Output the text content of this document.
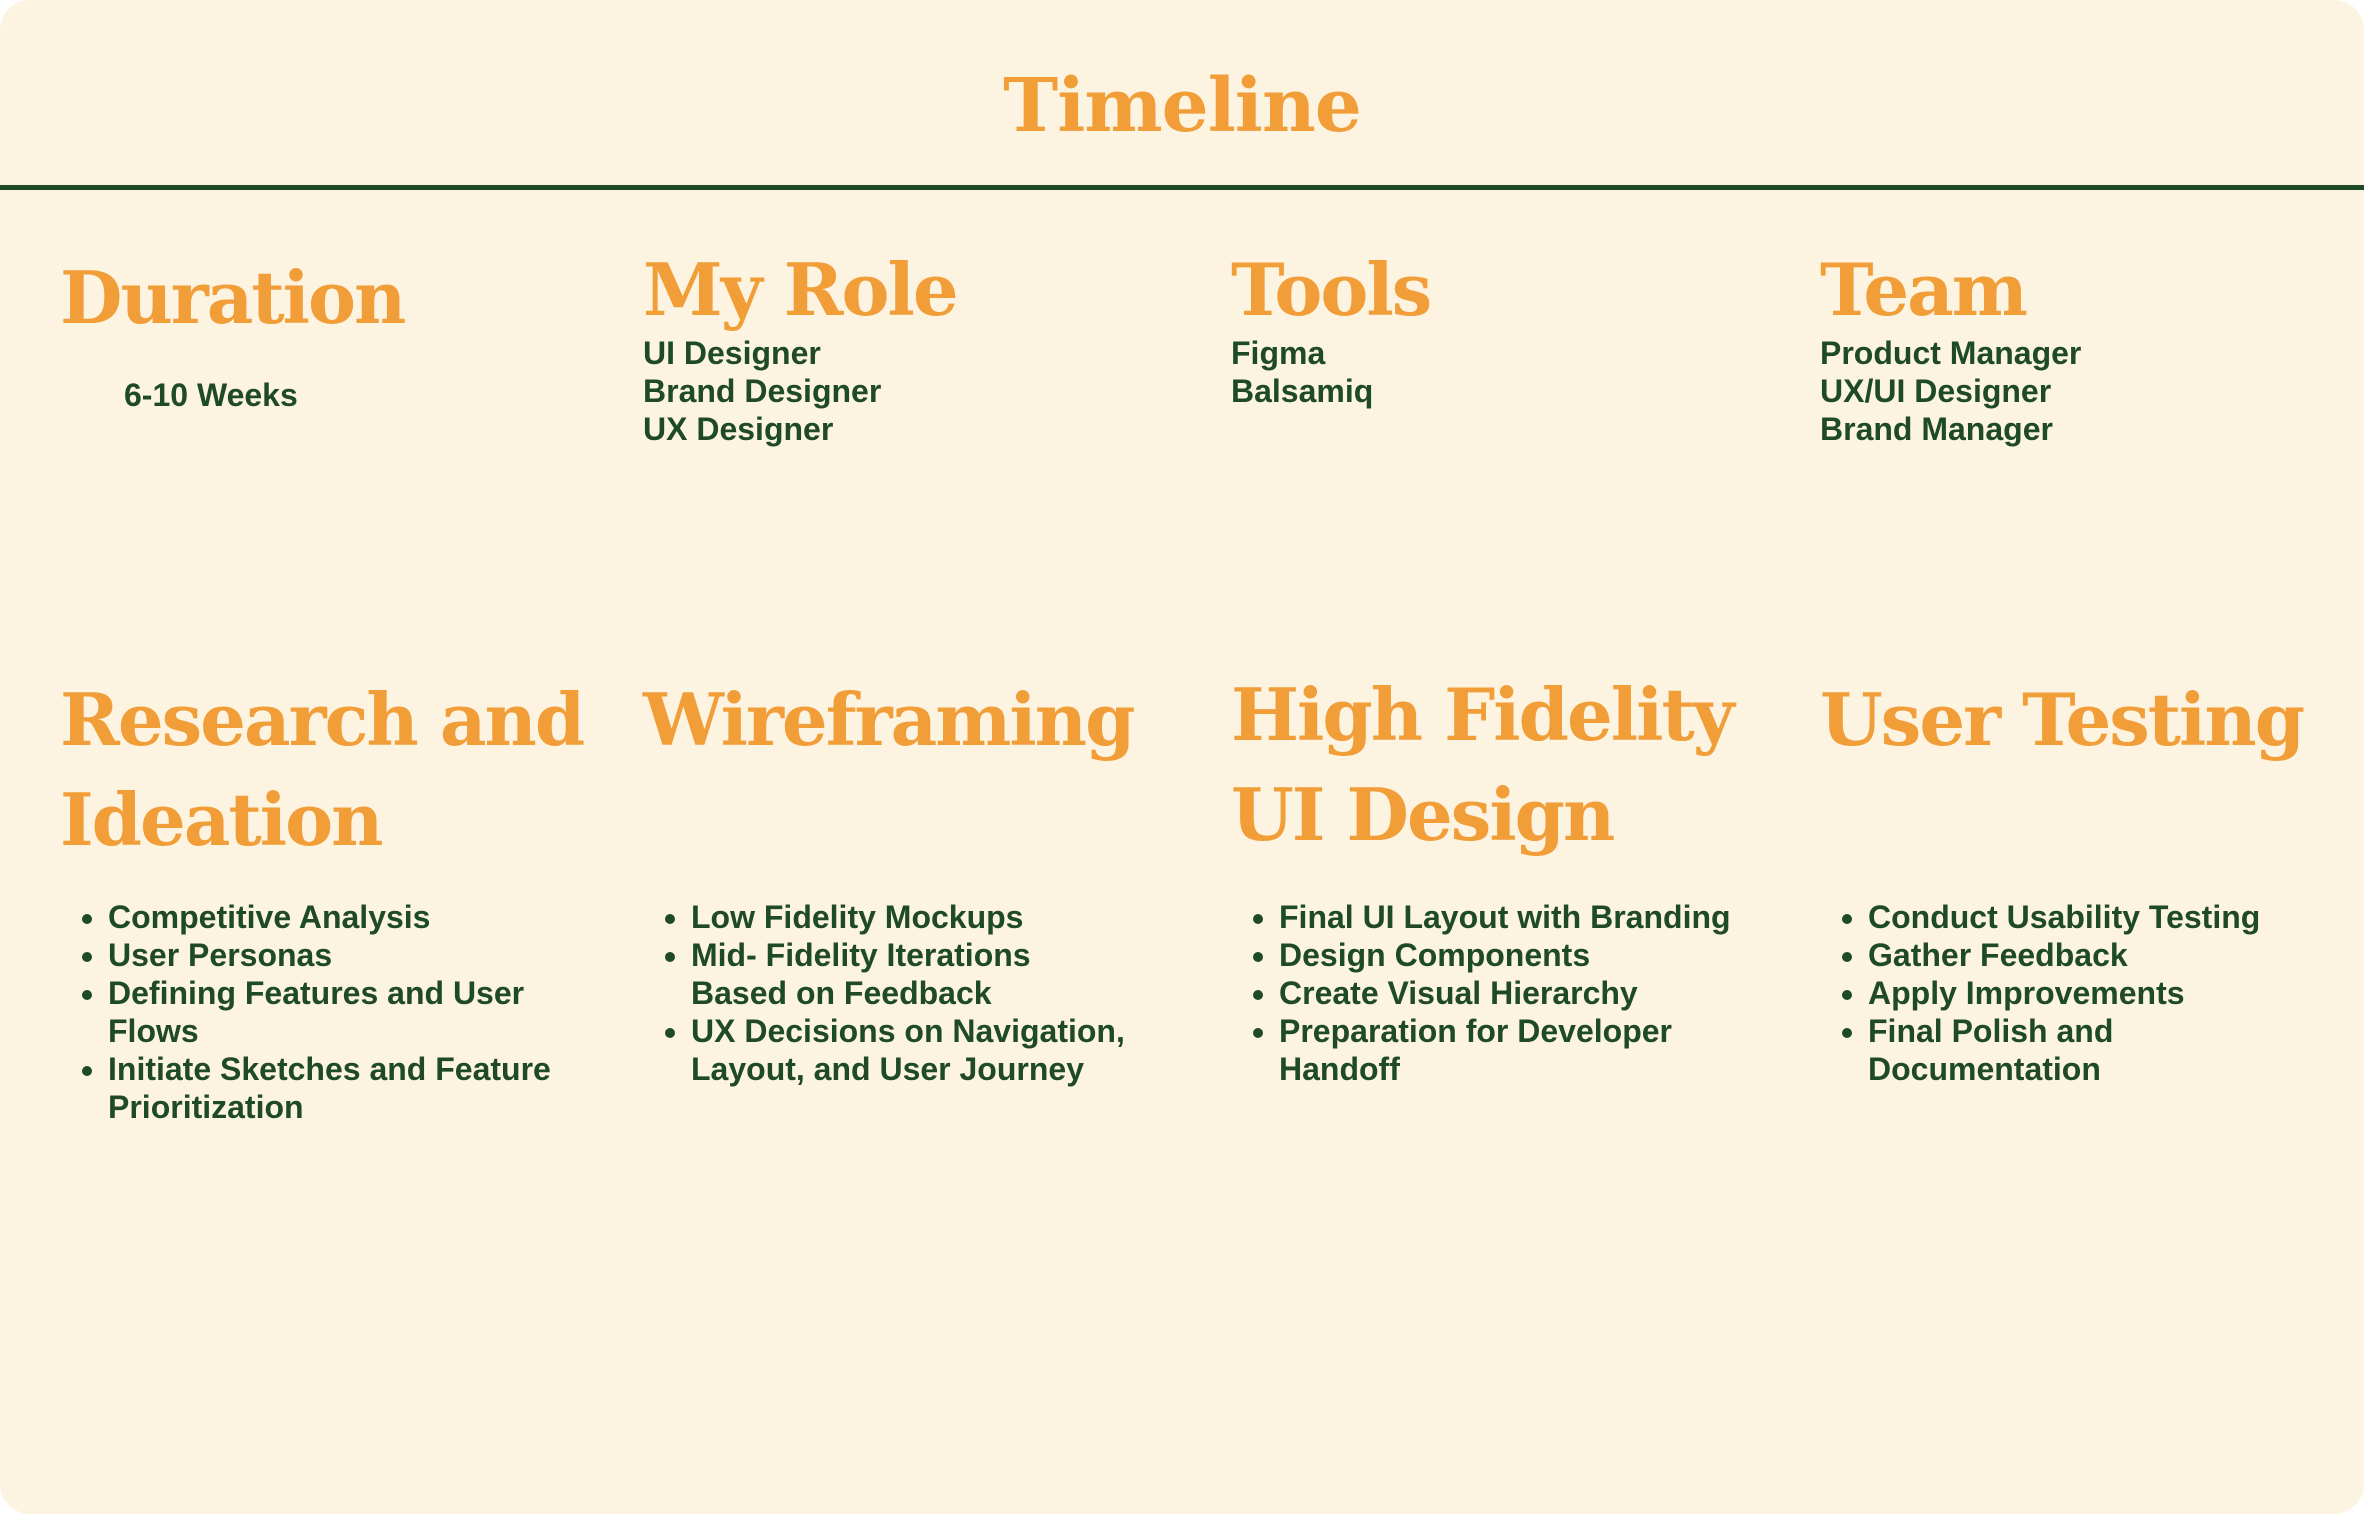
Timeline
Duration
6-10 Weeks
My Role
UI Designer
Brand Designer
UX Designer
Tools
Figma
Balsamiq
Team
Product Manager
UX/UI Designer
Brand Manager
Research and
Ideation
• Competitive Analysis
• User Personas
• Defining Features and User Flows
• Initiate Sketches and Feature Prioritization
Wireframing
• Low Fidelity Mockups
• Mid- Fidelity Iterations Based on Feedback
• UX Decisions on Navigation, Layout, and User Journey
High Fidelity
UI Design
• Final UI Layout with Branding
• Design Components
• Create Visual Hierarchy
• Preparation for Developer Handoff
User Testing
• Conduct Usability Testing
• Gather Feedback
• Apply Improvements
• Final Polish and Documentation
